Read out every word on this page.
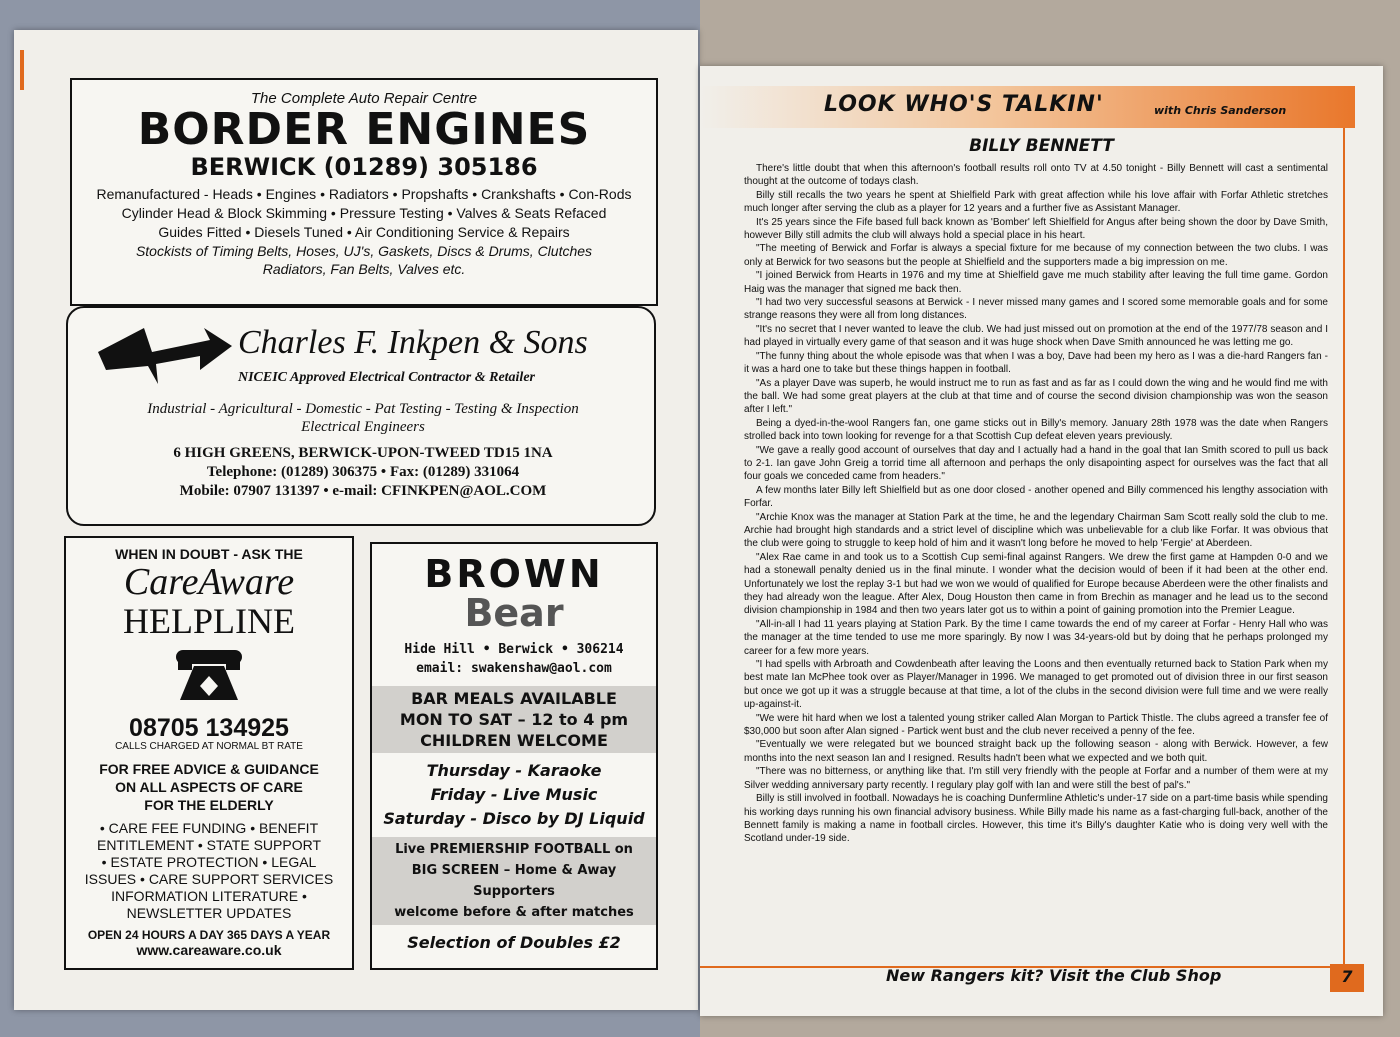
The Complete Auto Repair Centre
BORDER ENGINES
BERWICK (01289) 305186
Remanufactured - Heads • Engines • Radiators • Propshafts • Crankshafts • Con-Rods
Cylinder Head & Block Skimming • Pressure Testing • Valves & Seats Refaced
Guides Fitted • Diesels Tuned • Air Conditioning Service & Repairs
Stockists of Timing Belts, Hoses, UJ's, Gaskets, Discs & Drums, Clutches
Radiators, Fan Belts, Valves etc.
Charles F. Inkpen & Sons
NICEIC Approved Electrical Contractor & Retailer
Industrial - Agricultural - Domestic - Pat Testing - Testing & Inspection
Electrical Engineers
6 HIGH GREENS, BERWICK-UPON-TWEED TD15 1NA
Telephone: (01289) 306375 • Fax: (01289) 331064
Mobile: 07907 131397 • e-mail: CFINKPEN@AOL.COM
WHEN IN DOUBT - ASK THE
CareAware
HELPLINE
08705 134925
CALLS CHARGED AT NORMAL BT RATE
FOR FREE ADVICE & GUIDANCE
ON ALL ASPECTS OF CARE
FOR THE ELDERLY
• CARE FEE FUNDING • BENEFIT
ENTITLEMENT • STATE SUPPORT
• ESTATE PROTECTION • LEGAL
ISSUES • CARE SUPPORT SERVICES
INFORMATION LITERATURE •
NEWSLETTER UPDATES
OPEN 24 HOURS A DAY 365 DAYS A YEAR
www.careaware.co.uk
BROWN
Bear
Hide Hill • Berwick • 306214
email: swakenshaw@aol.com
BAR MEALS AVAILABLE
MON TO SAT – 12 to 4 pm
CHILDREN WELCOME
Thursday - Karaoke
Friday - Live Music
Saturday - Disco by DJ Liquid
Live PREMIERSHIP FOOTBALL on
BIG SCREEN – Home & Away Supporters
welcome before & after matches
Selection of Doubles £2
LOOK WHO'S TALKIN'	with Chris Sanderson
BILLY BENNETT

There's little doubt that when this afternoon's football results roll onto TV at 4.50 tonight - Billy Bennett will cast a sentimental thought at the outcome of todays clash.

Billy still recalls the two years he spent at Shielfield Park with great affection while his love affair with Forfar Athletic stretches much longer after serving the club as a player for 12 years and a further five as Assistant Manager.

It's 25 years since the Fife based full back known as 'Bomber' left Shielfield for Angus after being shown the door by Dave Smith, however Billy still admits the club will always hold a special place in his heart.

"The meeting of Berwick and Forfar is always a special fixture for me because of my connection between the two clubs. I was only at Berwick for two seasons but the people at Shielfield and the supporters made a big impression on me.

"I joined Berwick from Hearts in 1976 and my time at Shielfield gave me much stability after leaving the full time game. Gordon Haig was the manager that signed me back then.

"I had two very successful seasons at Berwick - I never missed many games and I scored some memorable goals and for some strange reasons they were all from long distances.

"It's no secret that I never wanted to leave the club. We had just missed out on promotion at the end of the 1977/78 season and I had played in virtually every game of that season and it was huge shock when Dave Smith announced he was letting me go.

"The funny thing about the whole episode was that when I was a boy, Dave had been my hero as I was a die-hard Rangers fan - it was a hard one to take but these things happen in football.

"As a player Dave was superb, he would instruct me to run as fast and as far as I could down the wing and he would find me with the ball. We had some great players at the club at that time and of course the second division championship was won the season after I left."

Being a dyed-in-the-wool Rangers fan, one game sticks out in Billy's memory. January 28th 1978 was the date when Rangers strolled back into town looking for revenge for a that Scottish Cup defeat eleven years previously.

"We gave a really good account of ourselves that day and I actually had a hand in the goal that Ian Smith scored to pull us back to 2-1. Ian gave John Greig a torrid time all afternoon and perhaps the only disapointing aspect for ourselves was the fact that all four goals we conceded came from headers."

A few months later Billy left Shielfield but as one door closed - another opened and Billy commenced his lengthy association with Forfar.

"Archie Knox was the manager at Station Park at the time, he and the legendary Chairman Sam Scott really sold the club to me. Archie had brought high standards and a strict level of discipline which was unbelievable for a club like Forfar. It was obvious that the club were going to struggle to keep hold of him and it wasn't long before he moved to help 'Fergie' at Aberdeen.

"Alex Rae came in and took us to a Scottish Cup semi-final against Rangers. We drew the first game at Hampden 0-0 and we had a stonewall penalty denied us in the final minute. I wonder what the decision would of been if it had been at the other end. Unfortunately we lost the replay 3-1 but had we won we would of qualified for Europe because Aberdeen were the other finalists and they had already won the league. After Alex, Doug Houston then came in from Brechin as manager and he lead us to the second division championship in 1984 and then two years later got us to within a point of gaining promotion into the Premier League.

"All-in-all I had 11 years playing at Station Park. By the time I came towards the end of my career at Forfar - Henry Hall who was the manager at the time tended to use me more sparingly. By now I was 34-years-old but by doing that he perhaps prolonged my career for a few more years.

"I had spells with Arbroath and Cowdenbeath after leaving the Loons and then eventually returned back to Station Park when my best mate Ian McPhee took over as Player/Manager in 1996. We managed to get promoted out of division three in our first season but once we got up it was a struggle because at that time, a lot of the clubs in the second division were full time and we were really up-against-it.

"We were hit hard when we lost a talented young striker called Alan Morgan to Partick Thistle. The clubs agreed a transfer fee of $30,000 but soon after Alan signed - Partick went bust and the club never received a penny of the fee.

"Eventually we were relegated but we bounced straight back up the following season - along with Berwick. However, a few months into the next season Ian and I resigned. Results hadn't been what we expected and we both quit.

"There was no bitterness, or anything like that. I'm still very friendly with the people at Forfar and a number of them were at my Silver wedding anniversary party recently. I regulary play golf with Ian and were still the best of pal's."

Billy is still involved in football. Nowadays he is coaching Dunfermline Athletic's under-17 side on a part-time basis while spending his working days running his own financial advisory business. While Billy made his name as a fast-charging full-back, another of the Bennett family is making a name in football circles. However, this time it's Billy's daughter Katie who is doing very well with the Scotland under-19 side.

New Rangers kit? Visit the Club Shop	7
